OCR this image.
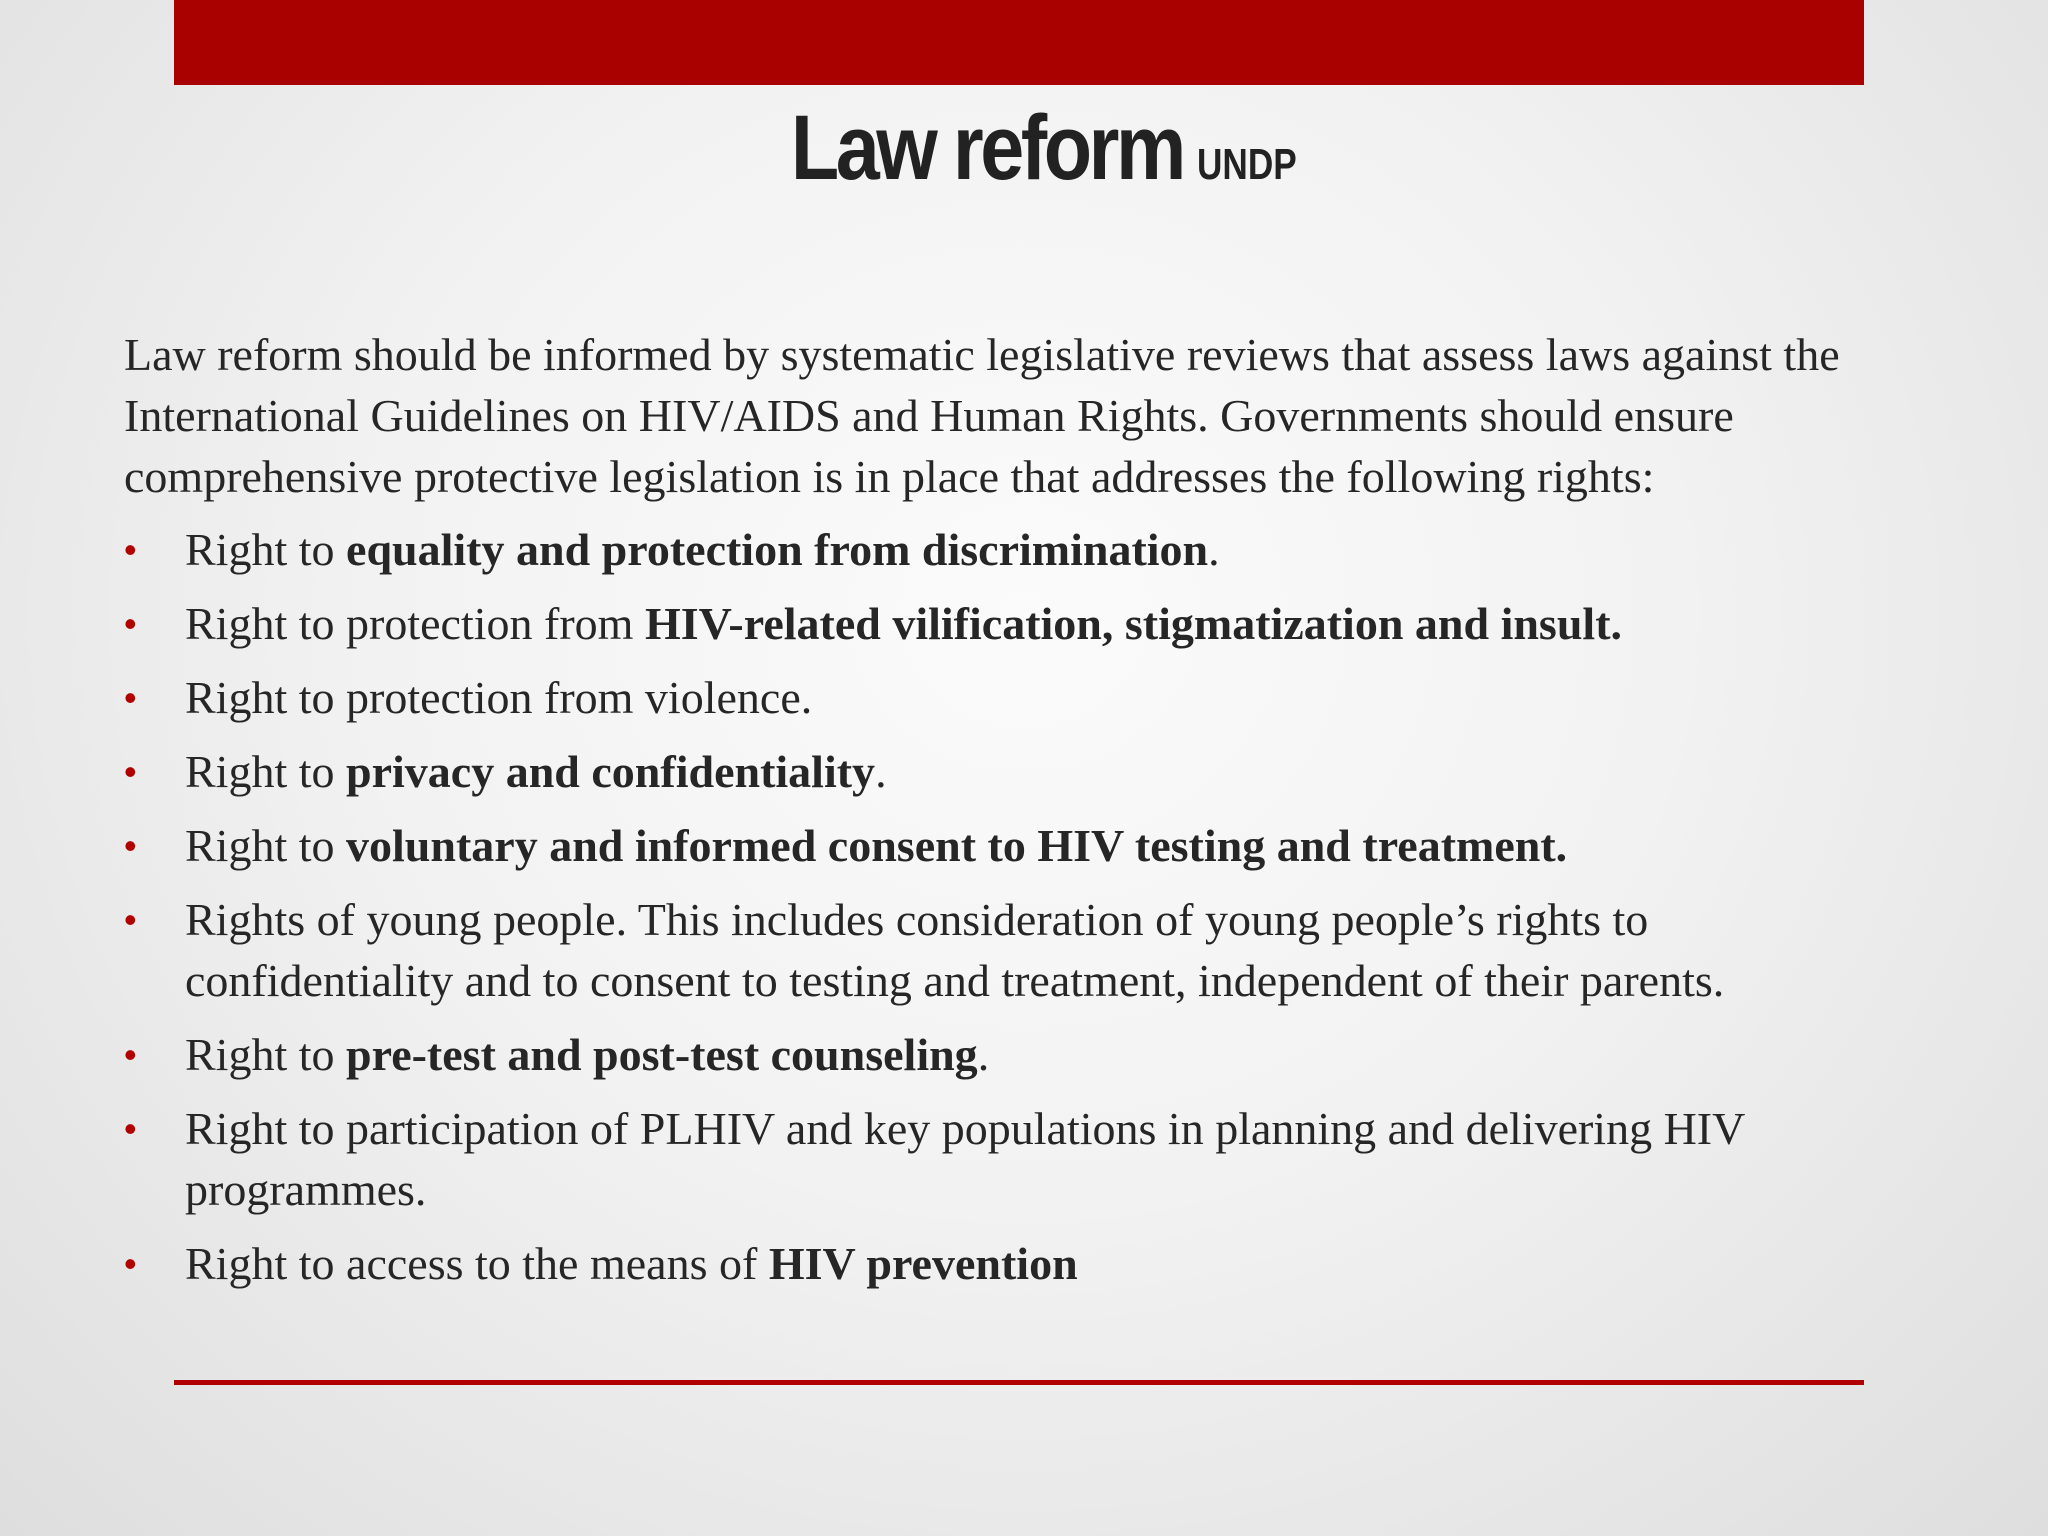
Law reform UNDP

Law reform should be informed by systematic legislative reviews that assess laws against the International Guidelines on HIV/AIDS and Human Rights. Governments should ensure comprehensive protective legislation is in place that addresses the following rights:

• Right to equality and protection from discrimination.
• Right to protection from HIV-related vilification, stigmatization and insult.
• Right to protection from violence.
• Right to privacy and confidentiality.
• Right to voluntary and informed consent to HIV testing and treatment.
• Rights of young people. This includes consideration of young people’s rights to confidentiality and to consent to testing and treatment, independent of their parents.
• Right to pre-test and post-test counseling.
• Right to participation of PLHIV and key populations in planning and delivering HIV programmes.
• Right to access to the means of HIV prevention
